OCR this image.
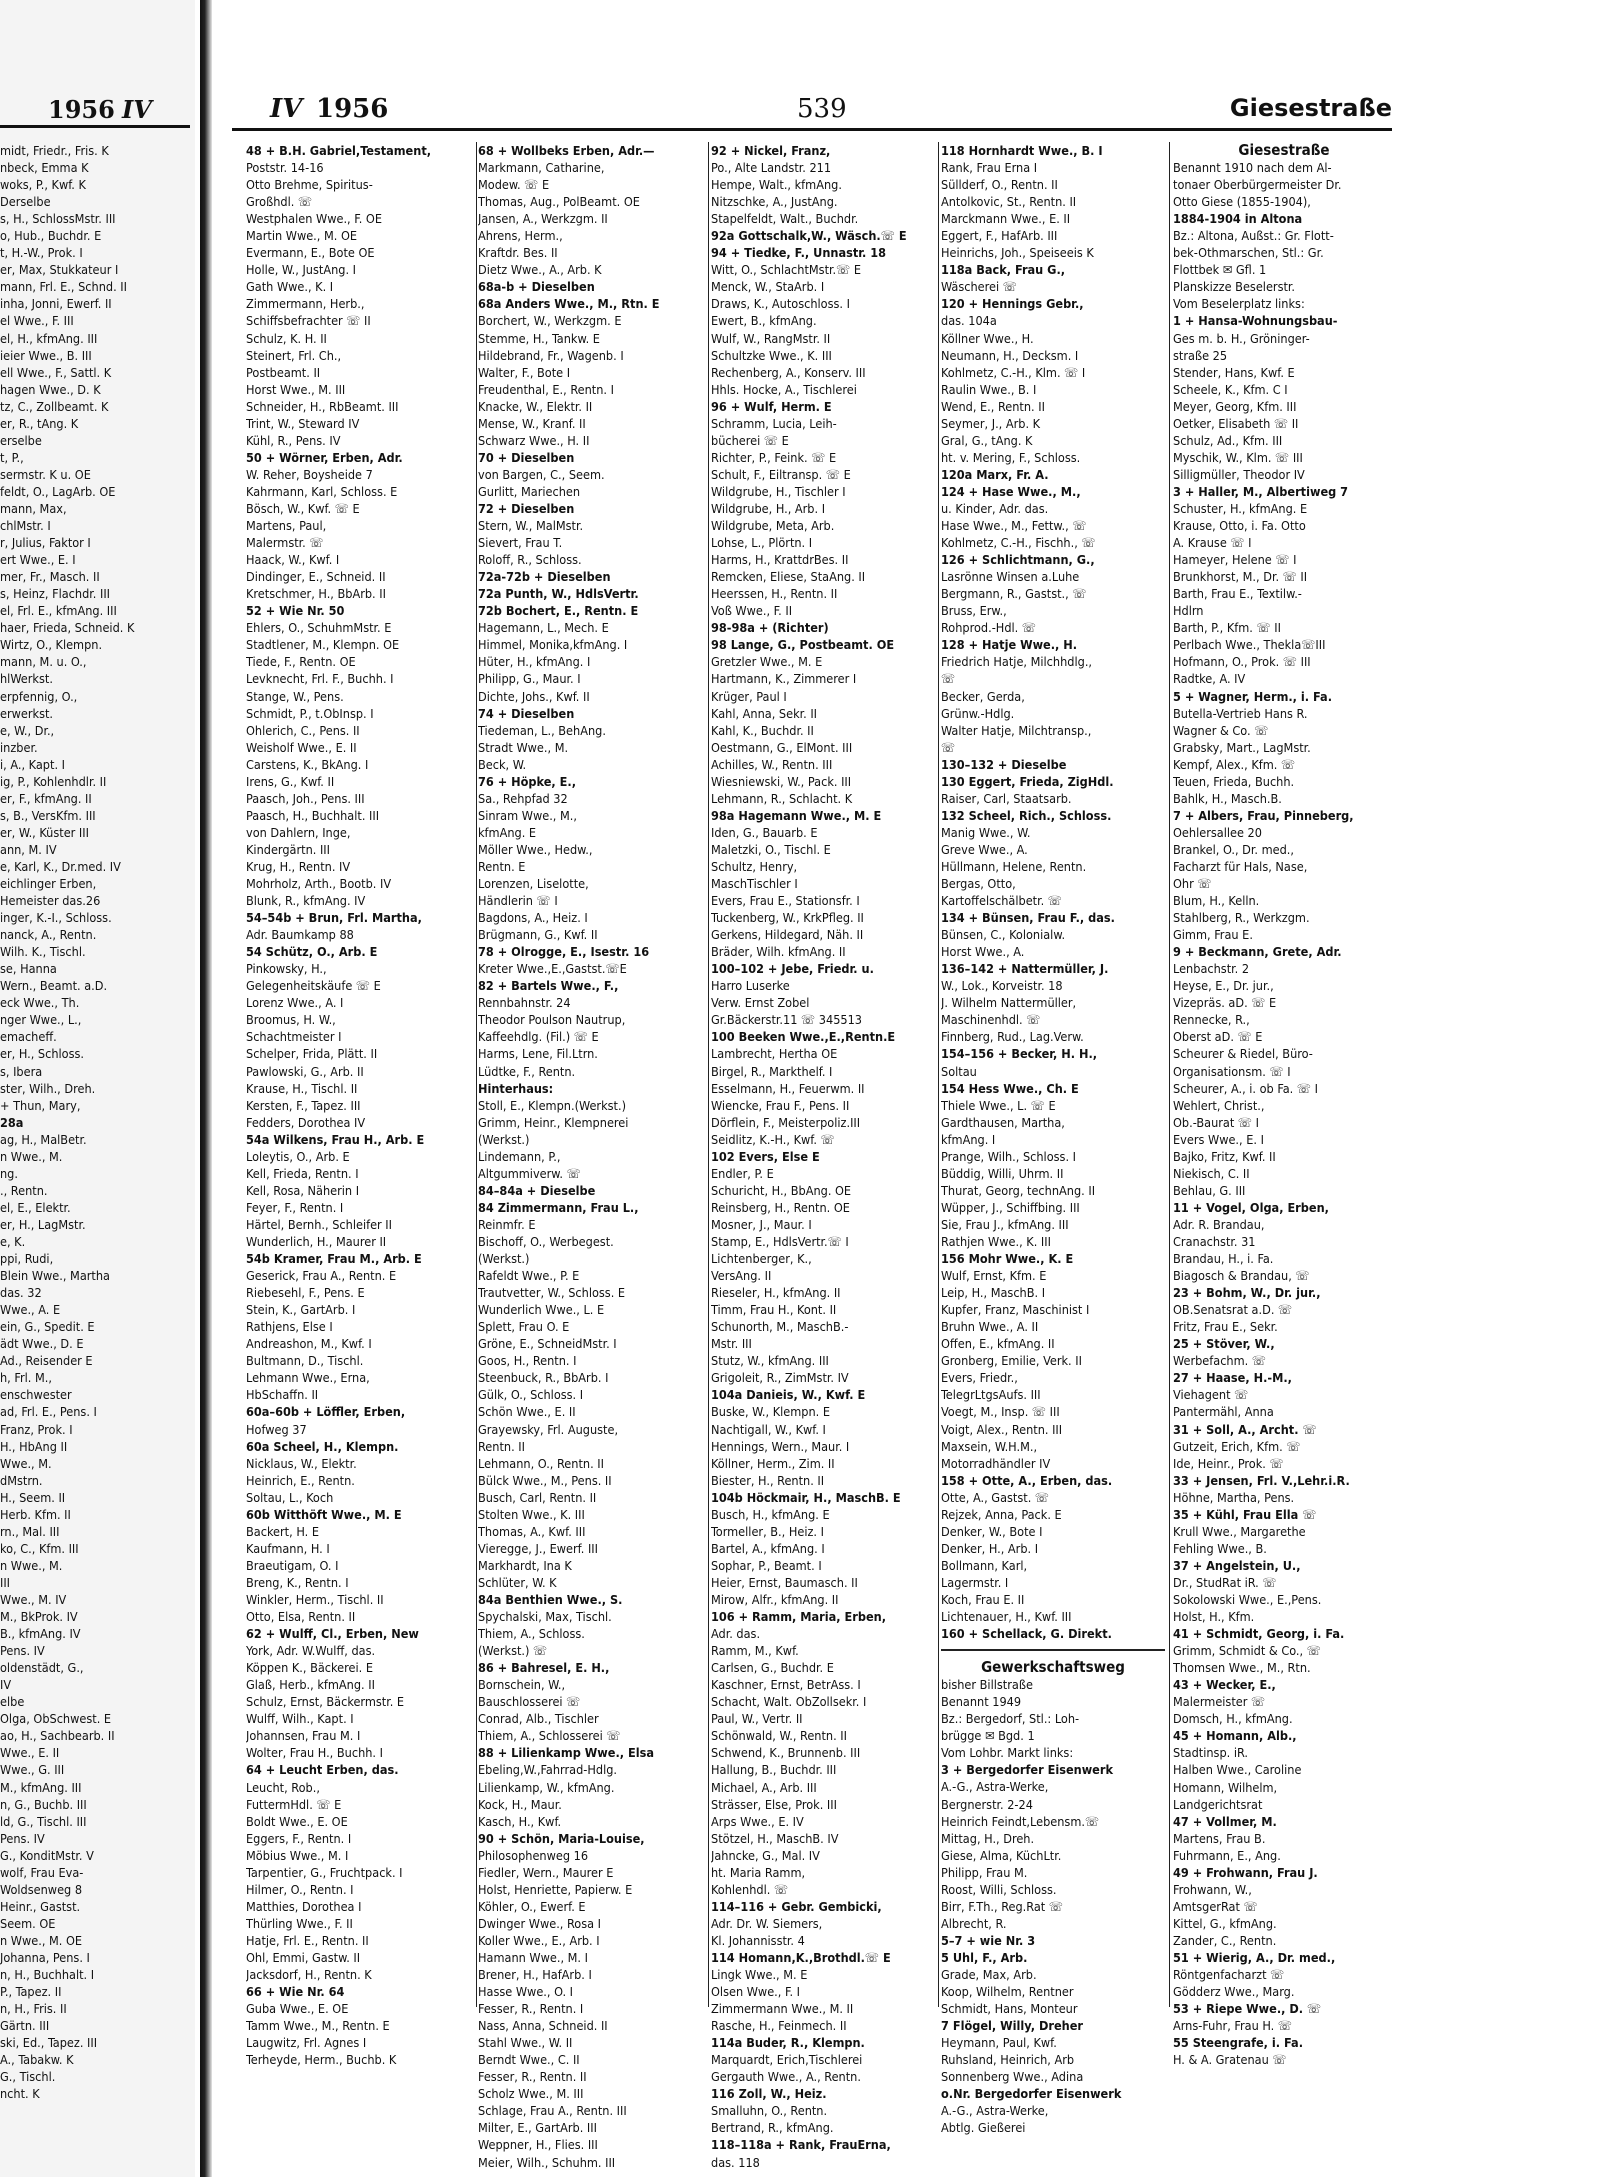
1956 IV
midt, Friedr., Fris. K
nbeck, Emma K
woks, P., Kwf. K
Derselbe
s, H., SchlossMstr. III
o, Hub., Buchdr. E
t, H.-W., Prok. I
er, Max, Stukkateur I
mann, Frl. E., Schnd. II
inha, Jonni, Ewerf. II
el Wwe., F. III
el, H., kfmAng. III
ieier Wwe., B. III
ell Wwe., F., Sattl. K
hagen Wwe., D. K
tz, C., Zollbeamt. K
er, R., tAng. K
erselbe
t, P.,
sermstr. K u. OE
feldt, O., LagArb. OE
mann, Max,
chlMstr. I
r, Julius, Faktor I
ert Wwe., E. I
mer, Fr., Masch. II
s, Heinz, Flachdr. III
el, Frl. E., kfmAng. III
haer, Frieda, Schneid. K
Wirtz, O., Klempn.
mann, M. u. O.,
hlWerkst.
erpfennig, O.,
erwerkst.
e, W., Dr.,
inzber.
i, A., Kapt. I
ig, P., Kohlenhdlr. II
er, F., kfmAng. II
s, B., VersKfm. III
er, W., Küster III
ann, M. IV
e, Karl, K., Dr.med. IV
eichlinger Erben,
Hemeister das.26
inger, K.-I., Schloss.
nanck, A., Rentn.
Wilh. K., Tischl.
se, Hanna
Wern., Beamt. a.D.
eck Wwe., Th.
nger Wwe., L.,
emacheff.
er, H., Schloss.
s, Ibera
ster, Wilh., Dreh.
+ Thun, Mary,
28a
ag, H., MalBetr.
n Wwe., M.
ng.
., Rentn.
el, E., Elektr.
er, H., LagMstr.
e, K.
ppi, Rudi,
Blein Wwe., Martha
das. 32
Wwe., A. E
ein, G., Spedit. E
ädt Wwe., D. E
Ad., Reisender E
h, Frl. M.,
enschwester
ad, Frl. E., Pens. I
Franz, Prok. I
H., HbAng II
Wwe., M.
dMstrn.
H., Seem. II
Herb. Kfm. II
rn., Mal. III
ko, C., Kfm. III
n Wwe., M.
III
Wwe., M. IV
M., BkProk. IV
B., kfmAng. IV
Pens. IV
oldenstädt, G.,
IV
elbe
Olga, ObSchwest. E
ao, H., Sachbearb. II
Wwe., E. II
Wwe., G. III
M., kfmAng. III
n, G., Buchb. III
ld, G., Tischl. III
Pens. IV
G., KonditMstr. V
wolf, Frau Eva-
Woldsenweg 8
Heinr., Gastst.
Seem. OE
n Wwe., M. OE
Johanna, Pens. I
n, H., Buchhalt. I
P., Tapez. II
n, H., Fris. II
Gärtn. III
ski, Ed., Tapez. III
A., Tabakw. K
G., Tischl.
ncht. K
IV 1956	539	Giesestraße
48 + B.H. Gabriel,Testament,
Poststr. 14-16
Otto Brehme, Spiritus-
Großhdl. ☏
Westphalen Wwe., F. OE
Martin Wwe., M. OE
Evermann, E., Bote OE
Holle, W., JustAng. I
Gath Wwe., K. I
Zimmermann, Herb.,
Schiffsbefrachter ☏ II
Schulz, K. H. II
Steinert, Frl. Ch.,
Postbeamt. II
Horst Wwe., M. III
Schneider, H., RbBeamt. III
Trint, W., Steward IV
Kühl, R., Pens. IV
50 + Wörner, Erben, Adr.
W. Reher, Boysheide 7
Kahrmann, Karl, Schloss. E
Bösch, W., Kwf. ☏ E
Martens, Paul,
Malermstr. ☏
Haack, W., Kwf. I
Dindinger, E., Schneid. II
Kretschmer, H., BbArb. II
52 + Wie Nr. 50
Ehlers, O., SchuhmMstr. E
Stadtlener, M., Klempn. OE
Tiede, F., Rentn. OE
Levknecht, Frl. F., Buchh. I
Stange, W., Pens.
Schmidt, P., t.ObInsp. I
Ohlerich, C., Pens. II
Weisholf Wwe., E. II
Carstens, K., BkAng. I
Irens, G., Kwf. II
Paasch, Joh., Pens. III
Paasch, H., Buchhalt. III
von Dahlern, Inge,
Kindergärtn. III
Krug, H., Rentn. IV
Mohrholz, Arth., Bootb. IV
Blunk, R., kfmAng. IV
54–54b + Brun, Frl. Martha,
Adr. Baumkamp 88
54 Schütz, O., Arb. E
Pinkowsky, H.,
Gelegenheitskäufe ☏ E
Lorenz Wwe., A. I
Broomus, H. W.,
Schachtmeister I
Schelper, Frida, Plätt. II
Pawlowski, G., Arb. II
Krause, H., Tischl. II
Kersten, F., Tapez. III
Fedders, Dorothea IV
54a Wilkens, Frau H., Arb. E
Loleytis, O., Arb. E
Kell, Frieda, Rentn. I
Kell, Rosa, Näherin I
Feyer, F., Rentn. I
Härtel, Bernh., Schleifer II
Wunderlich, H., Maurer II
54b Kramer, Frau M., Arb. E
Geserick, Frau A., Rentn. E
Riebesehl, F., Pens. E
Stein, K., GartArb. I
Rathjens, Else I
Andreashon, M., Kwf. I
Bultmann, D., Tischl.
Lehmann Wwe., Erna,
HbSchaffn. II
60a–60b + Löffler, Erben,
Hofweg 37
60a Scheel, H., Klempn.
Nicklaus, W., Elektr.
Heinrich, E., Rentn.
Soltau, L., Koch
60b Witthöft Wwe., M. E
Backert, H. E
Kaufmann, H. I
Braeutigam, O. I
Breng, K., Rentn. I
Winkler, Herm., Tischl. II
Otto, Elsa, Rentn. II
62 + Wulff, Cl., Erben, New
York, Adr. W.Wulff, das.
Köppen K., Bäckerei. E
Glaß, Herb., kfmAng. II
Schulz, Ernst, Bäckermstr. E
Wulff, Wilh., Kapt. I
Johannsen, Frau M. I
Wolter, Frau H., Buchh. I
64 + Leucht Erben, das.
Leucht, Rob.,
FuttermHdl. ☏ E
Boldt Wwe., E. OE
Eggers, F., Rentn. I
Möbius Wwe., M. I
Tarpentier, G., Fruchtpack. I
Hilmer, O., Rentn. I
Matthies, Dorothea I
Thürling Wwe., F. II
Hatje, Frl. E., Rentn. II
Ohl, Emmi, Gastw. II
Jacksdorf, H., Rentn. K
66 + Wie Nr. 64
Guba Wwe., E. OE
Tamm Wwe., M., Rentn. E
Laugwitz, Frl. Agnes I
Terheyde, Herm., Buchb. K
68 + Wollbeks Erben, Adr.—
Markmann, Catharine,
Modew. ☏ E
Thomas, Aug., PolBeamt. OE
Jansen, A., Werkzgm. II
Ahrens, Herm.,
Kraftdr. Bes. II
Dietz Wwe., A., Arb. K
68a-b + Dieselben
68a Anders Wwe., M., Rtn. E
Borchert, W., Werkzgm. E
Stemme, H., Tankw. E
Hildebrand, Fr., Wagenb. I
Walter, F., Bote I
Freudenthal, E., Rentn. I
Knacke, W., Elektr. II
Mense, W., Kranf. II
Schwarz Wwe., H. II
70 + Dieselben
von Bargen, C., Seem.
Gurlitt, Mariechen
72 + Dieselben
Stern, W., MalMstr.
Sievert, Frau T.
Roloff, R., Schloss.
72a-72b + Dieselben
72a Punth, W., HdlsVertr.
72b Bochert, E., Rentn. E
Hagemann, L., Mech. E
Himmel, Monika,kfmAng. I
Hüter, H., kfmAng. I
Philipp, G., Maur. I
Dichte, Johs., Kwf. II
74 + Dieselben
Tiedeman, L., BehAng.
Stradt Wwe., M.
Beck, W.
76 + Höpke, E.,
Sa., Rehpfad 32
Sinram Wwe., M.,
kfmAng. E
Möller Wwe., Hedw.,
Rentn. E
Lorenzen, Liselotte,
Händlerin ☏ I
Bagdons, A., Heiz. I
Brügmann, G., Kwf. II
78 + Olrogge, E., Isestr. 16
Kreter Wwe.,E.,Gastst.☏E
82 + Bartels Wwe., F.,
Rennbahnstr. 24
Theodor Poulson Nautrup,
Kaffeehdlg. (Fil.) ☏ E
Harms, Lene, Fil.Ltrn.
Lüdtke, F., Rentn.
Hinterhaus:
Stoll, E., Klempn.(Werkst.)
Grimm, Heinr., Klempnerei
(Werkst.)
Lindemann, P.,
Altgummiverw. ☏
84–84a + Dieselbe
84 Zimmermann, Frau L.,
Reinmfr. E
Bischoff, O., Werbegest.
(Werkst.)
Rafeldt Wwe., P. E
Trautvetter, W., Schloss. E
Wunderlich Wwe., L. E
Splett, Frau O. E
Gröne, E., SchneidMstr. I
Goos, H., Rentn. I
Steenbuck, R., BbArb. I
Gülk, O., Schloss. I
Schön Wwe., E. II
Grayewsky, Frl. Auguste,
Rentn. II
Lehmann, O., Rentn. II
Bülck Wwe., M., Pens. II
Busch, Carl, Rentn. II
Stolten Wwe., K. III
Thomas, A., Kwf. III
Vieregge, J., Ewerf. III
Markhardt, Ina K
Schlüter, W. K
84a Benthien Wwe., S.
Spychalski, Max, Tischl.
Thiem, A., Schloss.
(Werkst.) ☏
86 + Bahresel, E. H.,
Bornschein, W.,
Bauschlosserei ☏
Conrad, Alb., Tischler
Thiem, A., Schlosserei ☏
88 + Lilienkamp Wwe., Elsa
Ebeling,W.,Fahrrad-Hdlg.
Lilienkamp, W., kfmAng.
Kock, H., Maur.
Kasch, H., Kwf.
90 + Schön, Maria-Louise,
Philosophenweg 16
Fiedler, Wern., Maurer E
Holst, Henriette, Papierw. E
Köhler, O., Ewerf. E
Dwinger Wwe., Rosa I
Koller Wwe., E., Arb. I
Hamann Wwe., M. I
Brener, H., HafArb. I
Hasse Wwe., O. I
Fesser, R., Rentn. I
Nass, Anna, Schneid. II
Stahl Wwe., W. II
Berndt Wwe., C. II
Fesser, R., Rentn. II
Scholz Wwe., M. III
Schlage, Frau A., Rentn. III
Milter, E., GartArb. III
Weppner, H., Flies. III
Meier, Wilh., Schuhm. III
92 + Nickel, Franz,
Po., Alte Landstr. 211
Hempe, Walt., kfmAng.
Nitzschke, A., JustAng.
Stapelfeldt, Walt., Buchdr.
92a Gottschalk,W., Wäsch.☏ E
94 + Tiedke, F., Unnastr. 18
Witt, O., SchlachtMstr.☏ E
Menck, W., StaArb. I
Draws, K., Autoschloss. I
Ewert, B., kfmAng.
Wulf, W., RangMstr. II
Schultzke Wwe., K. III
Rechenberg, A., Konserv. III
Hhls. Hocke, A., Tischlerei
96 + Wulf, Herm. E
Schramm, Lucia, Leih-
bücherei ☏ E
Richter, P., Feink. ☏ E
Schult, F., Eiltransp. ☏ E
Wildgrube, H., Tischler I
Wildgrube, H., Arb. I
Wildgrube, Meta, Arb.
Lohse, L., Plörtn. I
Harms, H., KrattdrBes. II
Remcken, Eliese, StaAng. II
Heerssen, H., Rentn. II
Voß Wwe., F. II
98-98a + (Richter)
98 Lange, G., Postbeamt. OE
Gretzler Wwe., M. E
Hartmann, K., Zimmerer I
Krüger, Paul I
Kahl, Anna, Sekr. II
Kahl, K., Buchdr. II
Oestmann, G., ElMont. III
Achilles, W., Rentn. III
Wiesniewski, W., Pack. III
Lehmann, R., Schlacht. K
98a Hagemann Wwe., M. E
Iden, G., Bauarb. E
Maletzki, O., Tischl. E
Schultz, Henry,
MaschTischler I
Evers, Frau E., Stationsfr. I
Tuckenberg, W., KrkPfleg. II
Gerkens, Hildegard, Näh. II
Bräder, Wilh. kfmAng. II
100–102 + Jebe, Friedr. u.
Harro Luserke
Verw. Ernst Zobel
Gr.Bäckerstr.11 ☏ 345513
100 Beeken Wwe.,E.,Rentn.E
Lambrecht, Hertha OE
Birgel, R., Markthelf. I
Esselmann, H., Feuerwm. II
Wiencke, Frau F., Pens. II
Dörflein, F., Meisterpoliz.III
Seidlitz, K.-H., Kwf. ☏
102 Evers, Else E
Endler, P. E
Schuricht, H., BbAng. OE
Reinsberg, H., Rentn. OE
Mosner, J., Maur. I
Stamp, E., HdlsVertr.☏ I
Lichtenberger, K.,
VersAng. II
Rieseler, H., kfmAng. II
Timm, Frau H., Kont. II
Schunorth, M., MaschB.-
Mstr. III
Stutz, W., kfmAng. III
Grigoleit, R., ZimMstr. IV
104a Danieis, W., Kwf. E
Buske, W., Klempn. E
Nachtigall, W., Kwf. I
Hennings, Wern., Maur. I
Köllner, Herm., Zim. II
Biester, H., Rentn. II
104b Höckmair, H., MaschB. E
Busch, H., kfmAng. E
Tormeller, B., Heiz. I
Bartel, A., kfmAng. I
Sophar, P., Beamt. I
Heier, Ernst, Baumasch. II
Mirow, Alfr., kfmAng. II
106 + Ramm, Maria, Erben,
Adr. das.
Ramm, M., Kwf.
Carlsen, G., Buchdr. E
Kaschner, Ernst, BetrAss. I
Schacht, Walt. ObZollsekr. I
Paul, W., Vertr. II
Schönwald, W., Rentn. II
Schwend, K., Brunnenb. III
Hallung, B., Buchdr. III
Michael, A., Arb. III
Strässer, Else, Prok. III
Arps Wwe., E. IV
Stötzel, H., MaschB. IV
Jahncke, G., Mal. IV
ht. Maria Ramm,
Kohlenhdl. ☏
114–116 + Gebr. Gembicki,
Adr. Dr. W. Siemers,
Kl. Johannisstr. 4
114 Homann,K.,Brothdl.☏ E
Lingk Wwe., M. E
Olsen Wwe., F. I
Zimmermann Wwe., M. II
Rasche, H., Feinmech. II
114a Buder, R., Klempn.
Marquardt, Erich,Tischlerei
Gergauth Wwe., A., Rentn.
116 Zoll, W., Heiz.
Smalluhn, O., Rentn.
Bertrand, R., kfmAng.
118–118a + Rank, FrauErna,
das. 118
118 Hornhardt Wwe., B. I
Rank, Frau Erna I
Süllderf, O., Rentn. II
Antolkovic, St., Rentn. II
Marckmann Wwe., E. II
Eggert, F., HafArb. III
Heinrichs, Joh., Speiseeis K
118a Back, Frau G.,
Wäscherei ☏
120 + Hennings Gebr.,
das. 104a
Köllner Wwe., H.
Neumann, H., Decksm. I
Kohlmetz, C.-H., Klm. ☏ I
Raulin Wwe., B. I
Wend, E., Rentn. II
Seymer, J., Arb. K
Gral, G., tAng. K
ht. v. Mering, F., Schloss.
120a Marx, Fr. A.
124 + Hase Wwe., M.,
u. Kinder, Adr. das.
Hase Wwe., M., Fettw., ☏
Kohlmetz, C.-H., Fischh., ☏
126 + Schlichtmann, G.,
Lasrönne Winsen a.Luhe
Bergmann, R., Gastst., ☏
Bruss, Erw.,
Rohprod.-Hdl. ☏
128 + Hatje Wwe., H.
Friedrich Hatje, Milchhdlg.,
☏
Becker, Gerda,
Grünw.-Hdlg.
Walter Hatje, Milchtransp.,
☏
130–132 + Dieselbe
130 Eggert, Frieda, ZigHdl.
Raiser, Carl, Staatsarb.
132 Scheel, Rich., Schloss.
Manig Wwe., W.
Greve Wwe., A.
Hüllmann, Helene, Rentn.
Bergas, Otto,
Kartoffelschälbetr. ☏
134 + Bünsen, Frau F., das.
Bünsen, C., Kolonialw.
Horst Wwe., A.
136–142 + Nattermüller, J.
W., Lok., Korveistr. 18
J. Wilhelm Nattermüller,
Maschinenhdl. ☏
Finnberg, Rud., Lag.Verw.
154–156 + Becker, H. H.,
Soltau
154 Hess Wwe., Ch. E
Thiele Wwe., L. ☏ E
Gardthausen, Martha,
kfmAng. I
Prange, Wilh., Schloss. I
Büddig, Willi, Uhrm. II
Thurat, Georg, technAng. II
Wüpper, J., Schiffbing. III
Sie, Frau J., kfmAng. III
Rathjen Wwe., K. III
156 Mohr Wwe., K. E
Wulf, Ernst, Kfm. E
Leip, H., MaschB. I
Kupfer, Franz, Maschinist I
Bruhn Wwe., A. II
Offen, E., kfmAng. II
Gronberg, Emilie, Verk. II
Evers, Friedr.,
TelegrLtgsAufs. III
Voegt, M., Insp. ☏ III
Voigt, Alex., Rentn. III
Maxsein, W.H.M.,
Motorradhändler IV
158 + Otte, A., Erben, das.
Otte, A., Gastst. ☏
Rejzek, Anna, Pack. E
Denker, W., Bote I
Denker, H., Arb. I
Bollmann, Karl,
Lagermstr. I
Koch, Frau E. II
Lichtenauer, H., Kwf. III
160 + Schellack, G. Direkt.
Gewerkschaftsweg
bisher Billstraße
Benannt 1949
Bz.: Bergedorf, Stl.: Loh-
brügge ✉ Bgd. 1
Vom Lohbr. Markt links:
3 + Bergedorfer Eisenwerk
A.-G., Astra-Werke,
Bergnerstr. 2-24
Heinrich Feindt,Lebensm.☏
Mittag, H., Dreh.
Giese, Alma, KüchLtr.
Philipp, Frau M.
Roost, Willi, Schloss.
Birr, F.Th., Reg.Rat ☏
Albrecht, R.
5–7 + wie Nr. 3
5 Uhl, F., Arb.
Grade, Max, Arb.
Koop, Wilhelm, Rentner
Schmidt, Hans, Monteur
7 Flögel, Willy, Dreher
Heymann, Paul, Kwf.
Ruhsland, Heinrich, Arb
Sonnenberg Wwe., Adina
o.Nr. Bergedorfer Eisenwerk
A.-G., Astra-Werke,
Abtlg. Gießerei
Giesestraße
Benannt 1910 nach dem Al-
tonaer Oberbürgermeister Dr.
Otto Giese (1855-1904),
1884-1904 in Altona
Bz.: Altona, Außst.: Gr. Flott-
bek-Othmarschen, Stl.: Gr.
Flottbek ✉ Gfl. 1
Planskizze Beselerstr.
Vom Beselerplatz links:
1 + Hansa-Wohnungsbau-
Ges m. b. H., Gröninger-
straße 25
Stender, Hans, Kwf. E
Scheele, K., Kfm. C I
Meyer, Georg, Kfm. III
Oetker, Elisabeth ☏ II
Schulz, Ad., Kfm. III
Myschik, W., Klm. ☏ III
Silligmüller, Theodor IV
3 + Haller, M., Albertiweg 7
Schuster, H., kfmAng. E
Krause, Otto, i. Fa. Otto
A. Krause ☏ I
Hameyer, Helene ☏ I
Brunkhorst, M., Dr. ☏ II
Barth, Frau E., Textilw.-
Hdlrn
Barth, P., Kfm. ☏ II
Perlbach Wwe., Thekla☏III
Hofmann, O., Prok. ☏ III
Radtke, A. IV
5 + Wagner, Herm., i. Fa.
Butella-Vertrieb Hans R.
Wagner & Co. ☏
Grabsky, Mart., LagMstr.
Kempf, Alex., Kfm. ☏
Teuen, Frieda, Buchh.
Bahlk, H., Masch.B.
7 + Albers, Frau, Pinneberg,
Oehlersallee 20
Brankel, O., Dr. med.,
Facharzt für Hals, Nase,
Ohr ☏
Blum, H., Kelln.
Stahlberg, R., Werkzgm.
Gimm, Frau E.
9 + Beckmann, Grete, Adr.
Lenbachstr. 2
Heyse, E., Dr. jur.,
Vizepräs. aD. ☏ E
Rennecke, R.,
Oberst aD. ☏ E
Scheurer & Riedel, Büro-
Organisationsm. ☏ I
Scheurer, A., i. ob Fa. ☏ I
Wehlert, Christ.,
Ob.-Baurat ☏ I
Evers Wwe., E. I
Bajko, Fritz, Kwf. II
Niekisch, C. II
Behlau, G. III
11 + Vogel, Olga, Erben,
Adr. R. Brandau,
Cranachstr. 31
Brandau, H., i. Fa.
Biagosch & Brandau, ☏
23 + Bohm, W., Dr. jur.,
OB.Senatsrat a.D. ☏
Fritz, Frau E., Sekr.
25 + Stöver, W.,
Werbefachm. ☏
27 + Haase, H.-M.,
Viehagent ☏
Pantermähl, Anna
31 + Soll, A., Archt. ☏
Gutzeit, Erich, Kfm. ☏
Ide, Heinr., Prok. ☏
33 + Jensen, Frl. V.,Lehr.i.R.
Höhne, Martha, Pens.
35 + Kühl, Frau Ella ☏
Krull Wwe., Margarethe
Fehling Wwe., B.
37 + Angelstein, U.,
Dr., StudRat iR. ☏
Sokolowski Wwe., E.,Pens.
Holst, H., Kfm.
41 + Schmidt, Georg, i. Fa.
Grimm, Schmidt & Co., ☏
Thomsen Wwe., M., Rtn.
43 + Wecker, E.,
Malermeister ☏
Domsch, H., kfmAng.
45 + Homann, Alb.,
Stadtinsp. iR.
Halben Wwe., Caroline
Homann, Wilhelm,
Landgerichtsrat
47 + Vollmer, M.
Martens, Frau B.
Fuhrmann, E., Ang.
49 + Frohwann, Frau J.
Frohwann, W.,
AmtsgerRat ☏
Kittel, G., kfmAng.
Zander, C., Rentn.
51 + Wierig, A., Dr. med.,
Röntgenfacharzt ☏
Gödderz Wwe., Marg.
53 + Riepe Wwe., D. ☏
Arns-Fuhr, Frau H. ☏
55 Steengrafe, i. Fa.
H. & A. Gratenau ☏
